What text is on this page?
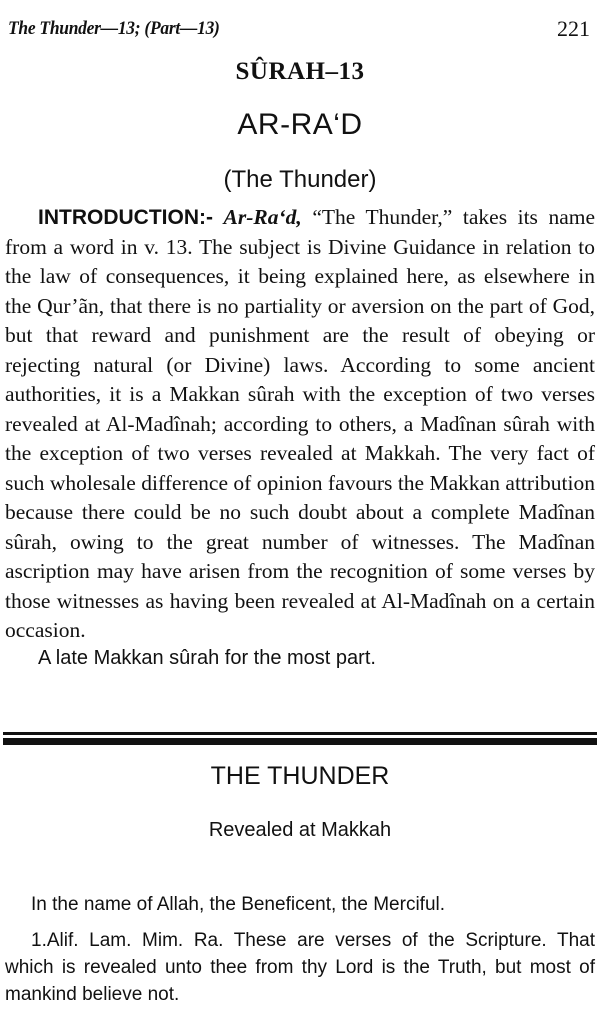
The Thunder—13; (Part—13)	221
SÛRAH–13
AR-RA‘D
(The Thunder)

INTRODUCTION:- Ar-Ra‘d, “The Thunder,” takes its name from a word in v. 13. The subject is Divine Guidance in relation to the law of consequences, it being explained here, as elsewhere in the Qur’ãn, that there is no partiality or aversion on the part of God, but that reward and punishment are the result of obeying or rejecting natural (or Divine) laws. According to some ancient authorities, it is a Makkan sûrah with the exception of two verses revealed at Al-Madînah; according to others, a Madînan sûrah with the exception of two verses revealed at Makkah. The very fact of such wholesale difference of opinion favours the Makkan attribution because there could be no such doubt about a complete Madînan sûrah, owing to the great number of witnesses. The Madînan ascription may have arisen from the recognition of some verses by those witnesses as having been revealed at Al-Madînah on a certain occasion.

A late Makkan sûrah for the most part.
THE THUNDER
Revealed at Makkah
In the name of Allah, the Beneficent, the Merciful.
1.Alif. Lam. Mim. Ra. These are verses of the Scripture. That which is revealed unto thee from thy Lord is the Truth, but most of mankind believe not.
